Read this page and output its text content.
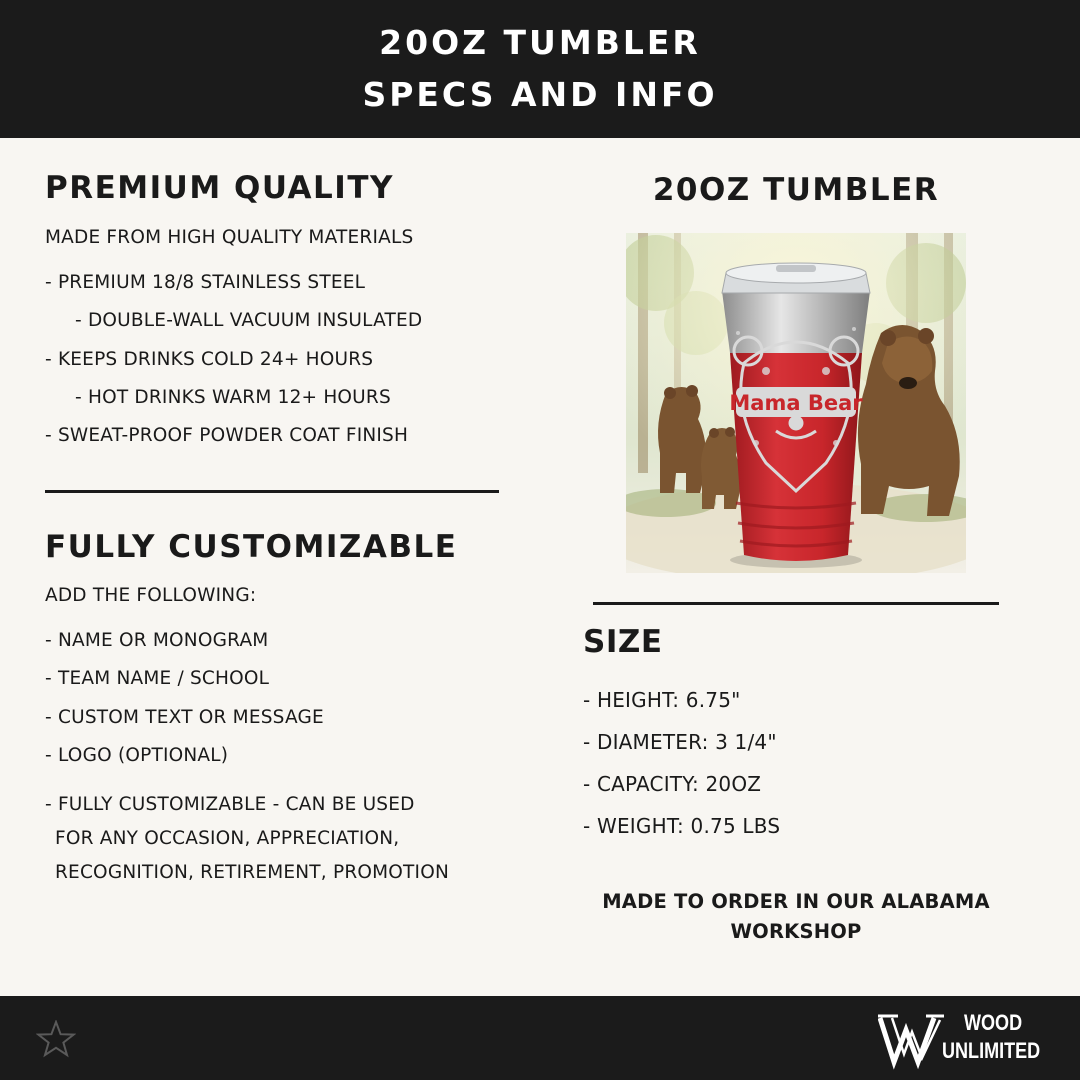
20OZ TUMBLER
SPECS AND INFO
PREMIUM QUALITY
MADE FROM HIGH QUALITY MATERIALS
- PREMIUM 18/8 STAINLESS STEEL
- DOUBLE-WALL VACUUM INSULATED
- KEEPS DRINKS COLD 24+ HOURS
- HOT DRINKS WARM 12+ HOURS
- SWEAT-PROOF POWDER COAT FINISH
FULLY CUSTOMIZABLE
ADD THE FOLLOWING:
- NAME OR MONOGRAM
- TEAM NAME / SCHOOL
- CUSTOM TEXT OR MESSAGE
- LOGO (OPTIONAL)
- FULLY CUSTOMIZABLE - CAN BE USED
FOR ANY OCCASION, APPRECIATION,
RECOGNITION, RETIREMENT, PROMOTION
20OZ TUMBLER
Mama Bear
SIZE
- HEIGHT: 6.75"
- DIAMETER: 3 1/4"
- CAPACITY: 20OZ
- WEIGHT: 0.75 LBS
MADE TO ORDER IN OUR ALABAMA
WORKSHOP
WOOD
UNLIMITED
